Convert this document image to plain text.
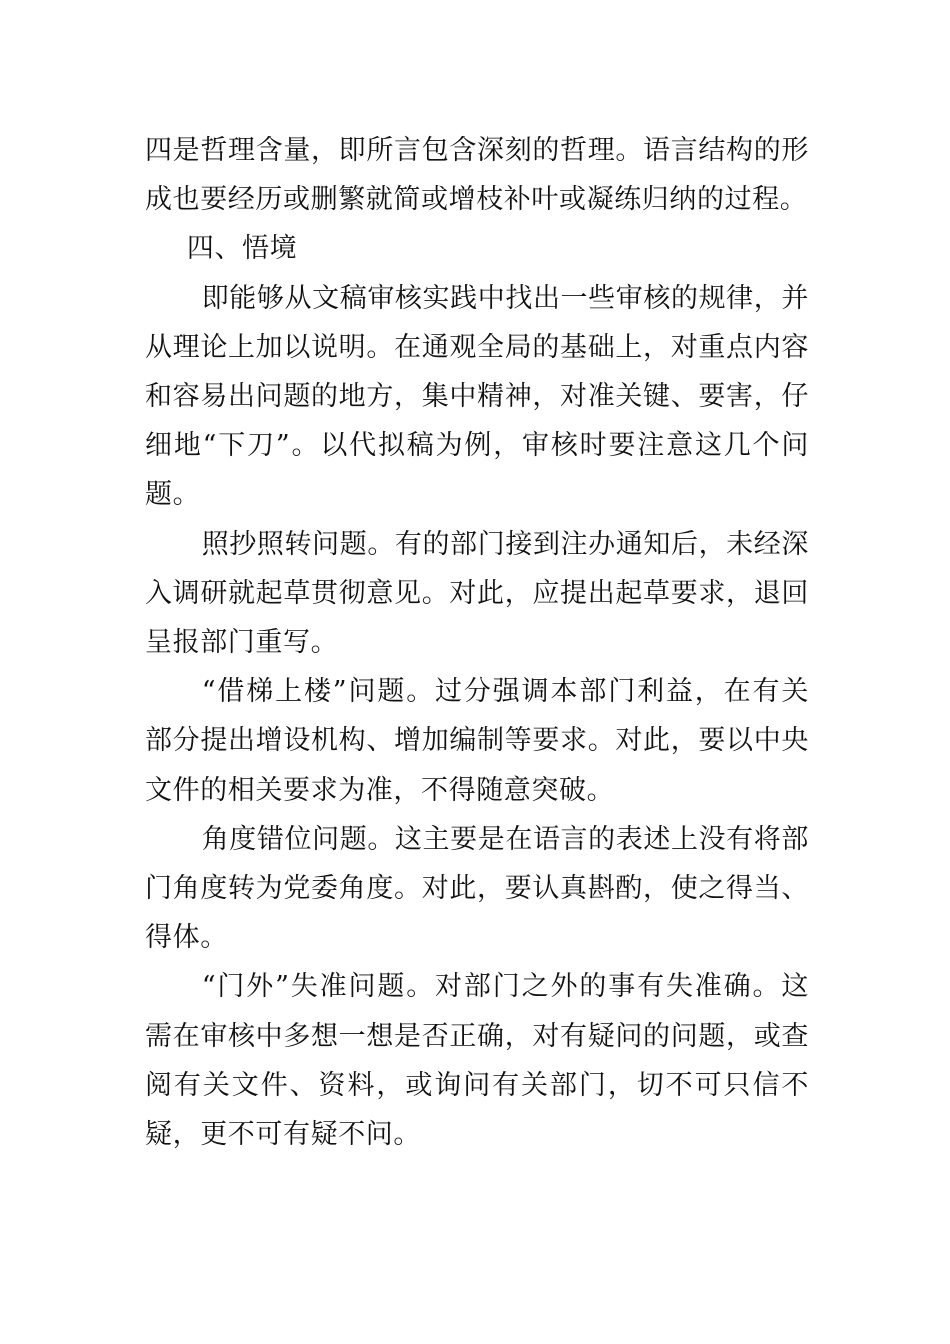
四是哲理含量，即所言包含深刻的哲理。语言结构的形成也要经历或删繁就简或增枝补叶或凝练归纳的过程。

四、悟境

即能够从文稿审核实践中找出一些审核的规律，并从理论上加以说明。在通观全局的基础上，对重点内容和容易出问题的地方，集中精神，对准关键、要害，仔细地“下刀”。以代拟稿为例，审核时要注意这几个问题。

照抄照转问题。有的部门接到注办通知后，未经深入调研就起草贯彻意见。对此，应提出起草要求，退回呈报部门重写。

“借梯上楼”问题。过分强调本部门利益，在有关部分提出增设机构、增加编制等要求。对此，要以中央文件的相关要求为准，不得随意突破。

角度错位问题。这主要是在语言的表述上没有将部门角度转为党委角度。对此，要认真斟酌，使之得当、得体。

“门外”失准问题。对部门之外的事有失准确。这需在审核中多想一想是否正确，对有疑问的问题，或查阅有关文件、资料，或询问有关部门，切不可只信不疑，更不可有疑不问。
